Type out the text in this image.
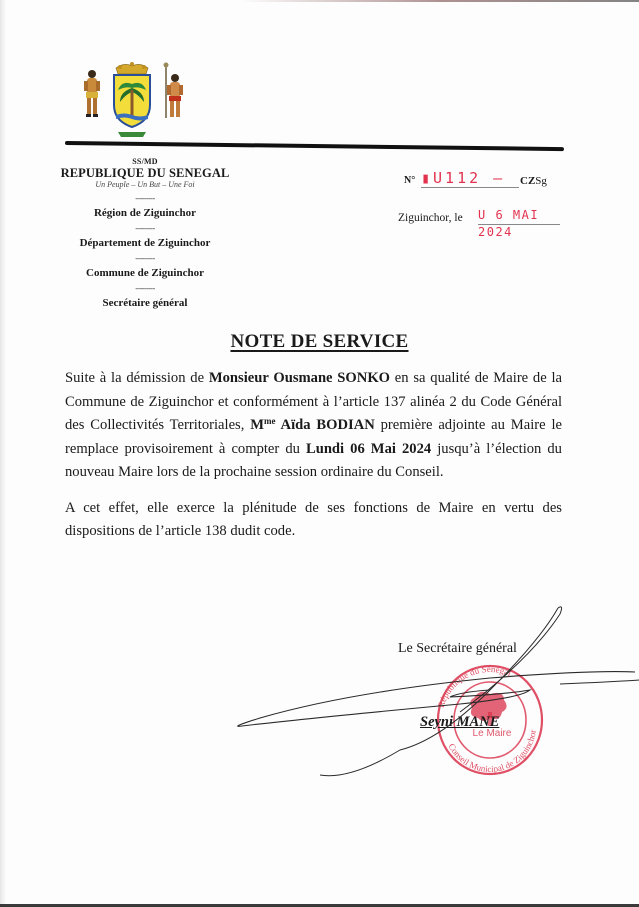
SS/MD
REPUBLIQUE DU SENEGAL
Un Peuple – Un But – Une Foi
---------
Région de Ziguinchor
---------
Département de Ziguinchor
---------
Commune de Ziguinchor
---------
Secrétaire général
N° ▮U112 –	CZSg
Ziguinchor, le U 6 MAI 2024
NOTE DE SERVICE

Suite à la démission de Monsieur Ousmane SONKO en sa qualité de Maire de la Commune de Ziguinchor et conformément à l’article 137 alinéa 2 du Code Général des Collectivités Territoriales, $M^{me}$ Aïda BODIAN première adjointe au Maire le remplace provisoirement à compter du Lundi 06 Mai 2024 jusqu’à l’élection du nouveau Maire lors de la prochaine session ordinaire du Conseil.

A cet effet, elle exerce la plénitude de ses fonctions de Maire en vertu des dispositions de l’article 138 dudit code.

République du Sénégal
Conseil Municipal de Ziguinchor
Le Maire
Le Secrétaire général
Seyni MANE
